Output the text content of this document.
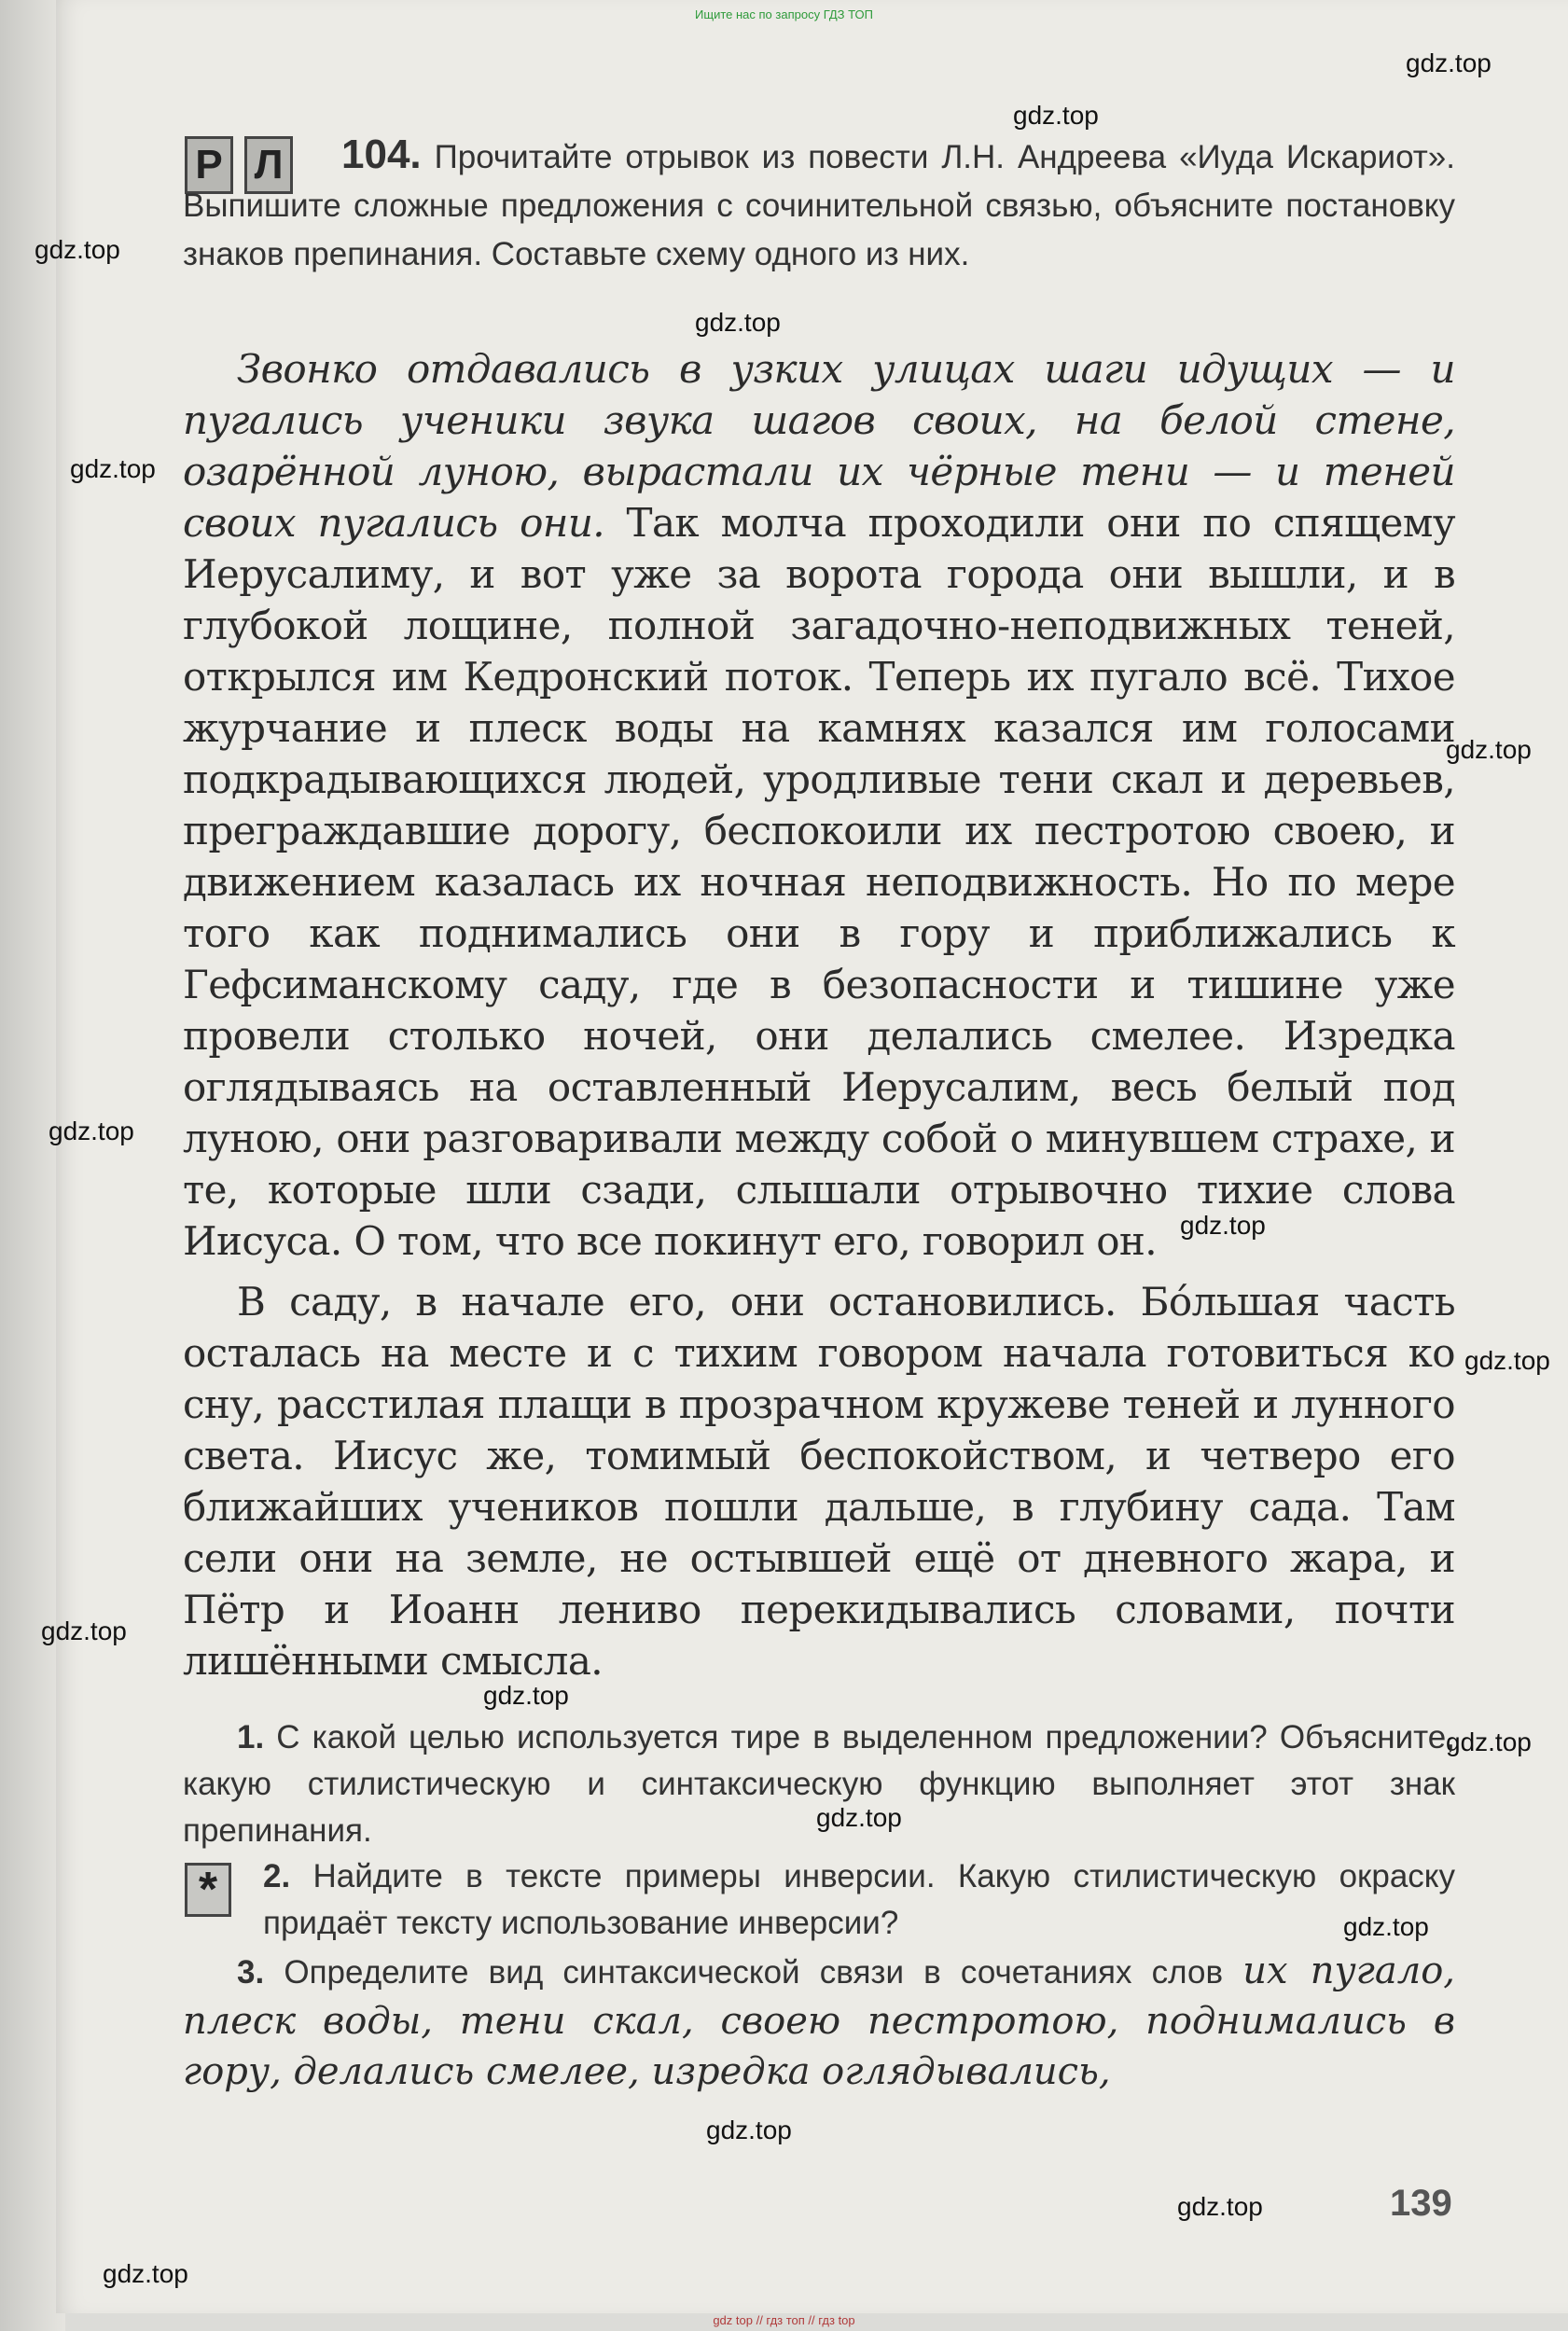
Ищите нас по запросу ГДЗ ТОП
gdz.top
gdz.top
gdz.top
gdz.top
gdz.top
gdz.top
gdz.top
gdz.top
gdz.top
gdz.top
gdz.top
gdz.top
gdz.top
gdz.top
gdz.top
gdz.top
gdz.top
Р Л	104. Прочитайте отрывок из повести Л.Н. Андреева «Иуда Искариот». Выпишите сложные предложения с сочинительной связью, объясните постановку знаков препинания. Составьте схему одного из них.
Звонко отдавались в узких улицах шаги идущих — и пугались ученики звука шагов своих, на белой стене, озарённой луною, вырастали их чёрные тени — и теней своих пугались они. Так молча проходили они по спящему Иерусалиму, и вот уже за ворота города они вышли, и в глубокой лощине, полной загадочно-неподвижных теней, открылся им Кедронский поток. Теперь их пугало всё. Тихое журчание и плеск воды на камнях казался им голосами подкрадывающихся людей, уродливые тени скал и деревьев, преграждавшие дорогу, беспокоили их пестротою своею, и движением казалась их ночная неподвижность. Но по мере того как поднимались они в гору и приближались к Гефсиманскому саду, где в безопасности и тишине уже провели столько ночей, они делались смелее. Изредка оглядываясь на оставленный Иерусалим, весь белый под луною, они разговаривали между собой о минувшем страхе, и те, которые шли сзади, слышали отрывочно тихие слова Иисуса. О том, что все покинут его, говорил он.
В саду, в начале его, они остановились. Бóльшая часть осталась на месте и с тихим говором начала готовиться ко сну, расстилая плащи в прозрачном кружеве теней и лунного света. Иисус же, томимый беспокойством, и четверо его ближайших учеников пошли дальше, в глубину сада. Там сели они на земле, не остывшей ещё от дневного жара, и Пётр и Иоанн лениво перекидывались словами, почти лишёнными смысла.
1. С какой целью используется тире в выделенном предложении? Объясните, какую стилистическую и синтаксическую функцию выполняет этот знак препинания.
*	2. Найдите в тексте примеры инверсии. Какую стилистическую окраску придаёт тексту использование инверсии?
3. Определите вид синтаксической связи в сочетаниях слов их пугало, плеск воды, тени скал, своею пестротою, поднимались в гору, делались смелее, изредка оглядывались,
139
gdz top // гдз топ // гдз top
